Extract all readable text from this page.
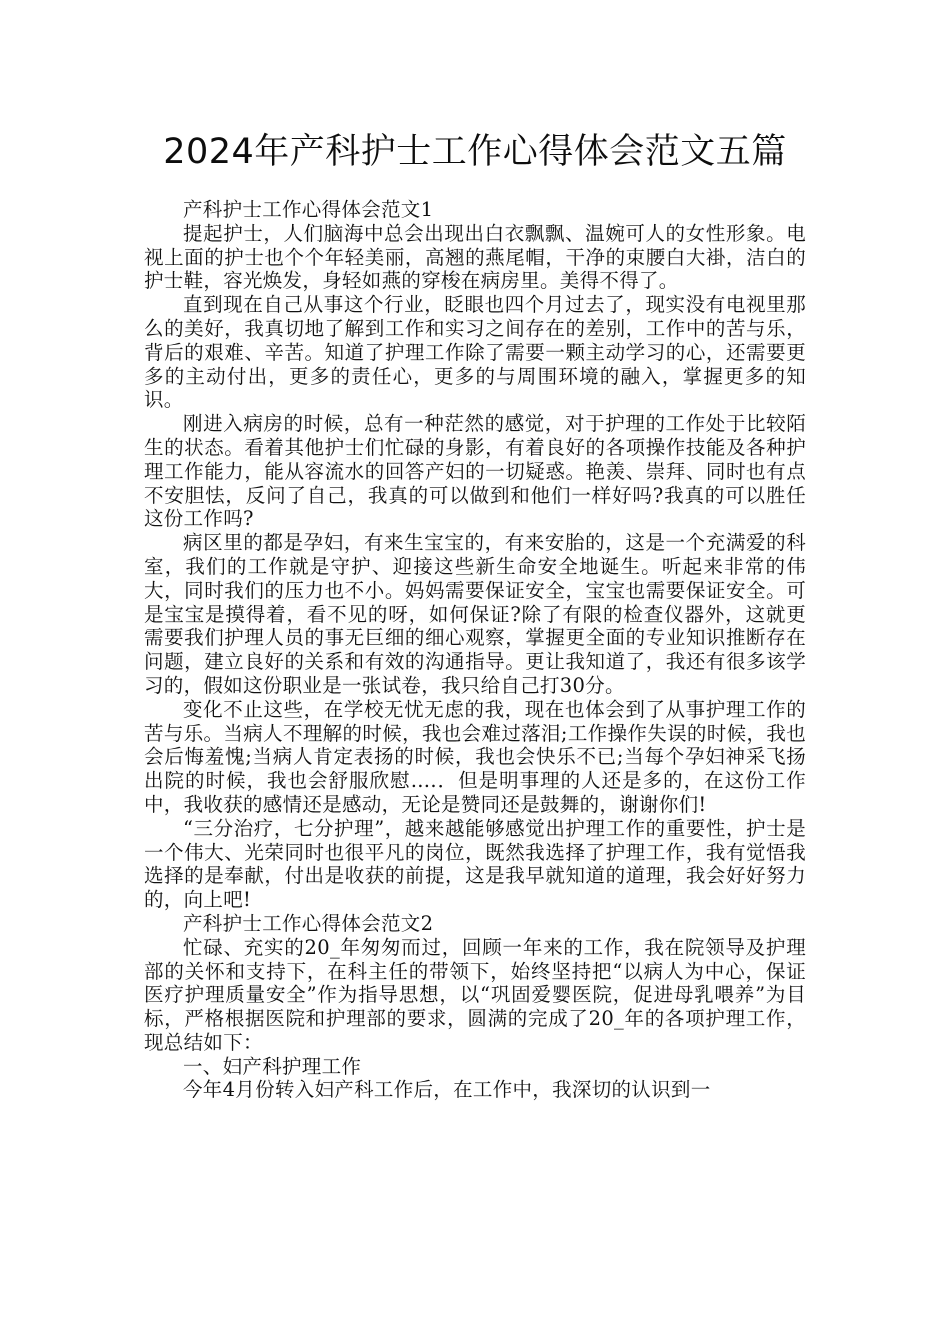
2024年产科护士工作心得体会范文五篇

产科护士工作心得体会范文1

提起护士，人们脑海中总会出现出白衣飘飘、温婉可人的女性形象。电视上面的护士也个个年轻美丽，高翘的燕尾帽，干净的束腰白大褂，洁白的护士鞋，容光焕发，身轻如燕的穿梭在病房里。美得不得了。

直到现在自己从事这个行业，眨眼也四个月过去了，现实没有电视里那么的美好，我真切地了解到工作和实习之间存在的差别，工作中的苦与乐，背后的艰难、辛苦。知道了护理工作除了需要一颗主动学习的心，还需要更多的主动付出，更多的责任心，更多的与周围环境的融入，掌握更多的知识。

刚进入病房的时候，总有一种茫然的感觉，对于护理的工作处于比较陌生的状态。看着其他护士们忙碌的身影，有着良好的各项操作技能及各种护理工作能力，能从容流水的回答产妇的一切疑惑。艳羡、崇拜、同时也有点不安胆怯，反问了自己，我真的可以做到和他们一样好吗?我真的可以胜任这份工作吗?

病区里的都是孕妇，有来生宝宝的，有来安胎的，这是一个充满爱的科室，我们的工作就是守护、迎接这些新生命安全地诞生。听起来非常的伟大，同时我们的压力也不小。妈妈需要保证安全，宝宝也需要保证安全。可是宝宝是摸得着，看不见的呀，如何保证?除了有限的检查仪器外，这就更需要我们护理人员的事无巨细的细心观察，掌握更全面的专业知识推断存在问题，建立良好的关系和有效的沟通指导。更让我知道了，我还有很多该学习的，假如这份职业是一张试卷，我只给自己打30分。

变化不止这些，在学校无忧无虑的我，现在也体会到了从事护理工作的苦与乐。当病人不理解的时候，我也会难过落泪;工作操作失误的时候，我也会后悔羞愧;当病人肯定表扬的时候，我也会快乐不已;当每个孕妇神采飞扬出院的时候，我也会舒服欣慰….．但是明事理的人还是多的，在这份工作中，我收获的感情还是感动，无论是赞同还是鼓舞的，谢谢你们!

“三分治疗，七分护理”，越来越能够感觉出护理工作的重要性，护士是一个伟大、光荣同时也很平凡的岗位，既然我选择了护理工作，我有觉悟我选择的是奉献，付出是收获的前提，这是我早就知道的道理，我会好好努力的，向上吧!

产科护士工作心得体会范文2

忙碌、充实的20_年匆匆而过，回顾一年来的工作，我在院领导及护理部的关怀和支持下，在科主任的带领下，始终坚持把“以病人为中心，保证医疗护理质量安全”作为指导思想，以“巩固爱婴医院，促进母乳喂养”为目标，严格根据医院和护理部的要求，圆满的完成了20_年的各项护理工作，现总结如下：

一、妇产科护理工作

今年4月份转入妇产科工作后，在工作中，我深切的认识到一
